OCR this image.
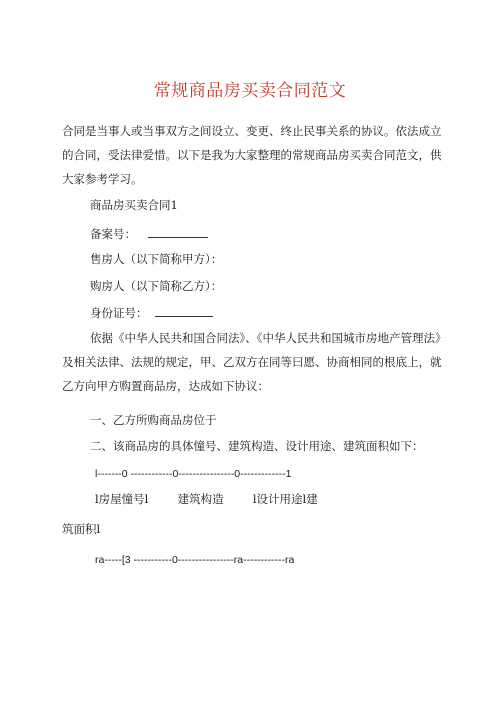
常规商品房买卖合同范文
合同是当事人或当事双方之间设立、变更、终止民事关系的协议。依法成立的合同，受法律爱惜。以下是我为大家整理的常规商品房买卖合同范文，供大家参考学习。
商品房买卖合同1
备案号：
售房人（以下简称甲方）：
购房人（以下简称乙方）：
身份证号：
依据《中华人民共和国合同法》、《中华人民共和国城市房地产管理法》及相关法律、法规的规定，甲、乙双方在同等曰愿、协商相同的根底上，就乙方向甲方购置商品房，达成如下协议：
一、乙方所购商品房位于
二、该商品房的具体憧号、建筑构造、设计用途、建筑面积如下：
l-------0 ------------0----------------0-------------1
l房屋憧号l        建筑构造        l设计用途l建
筑面积l
ra-----[3 -----------0----------------ra------------ra
